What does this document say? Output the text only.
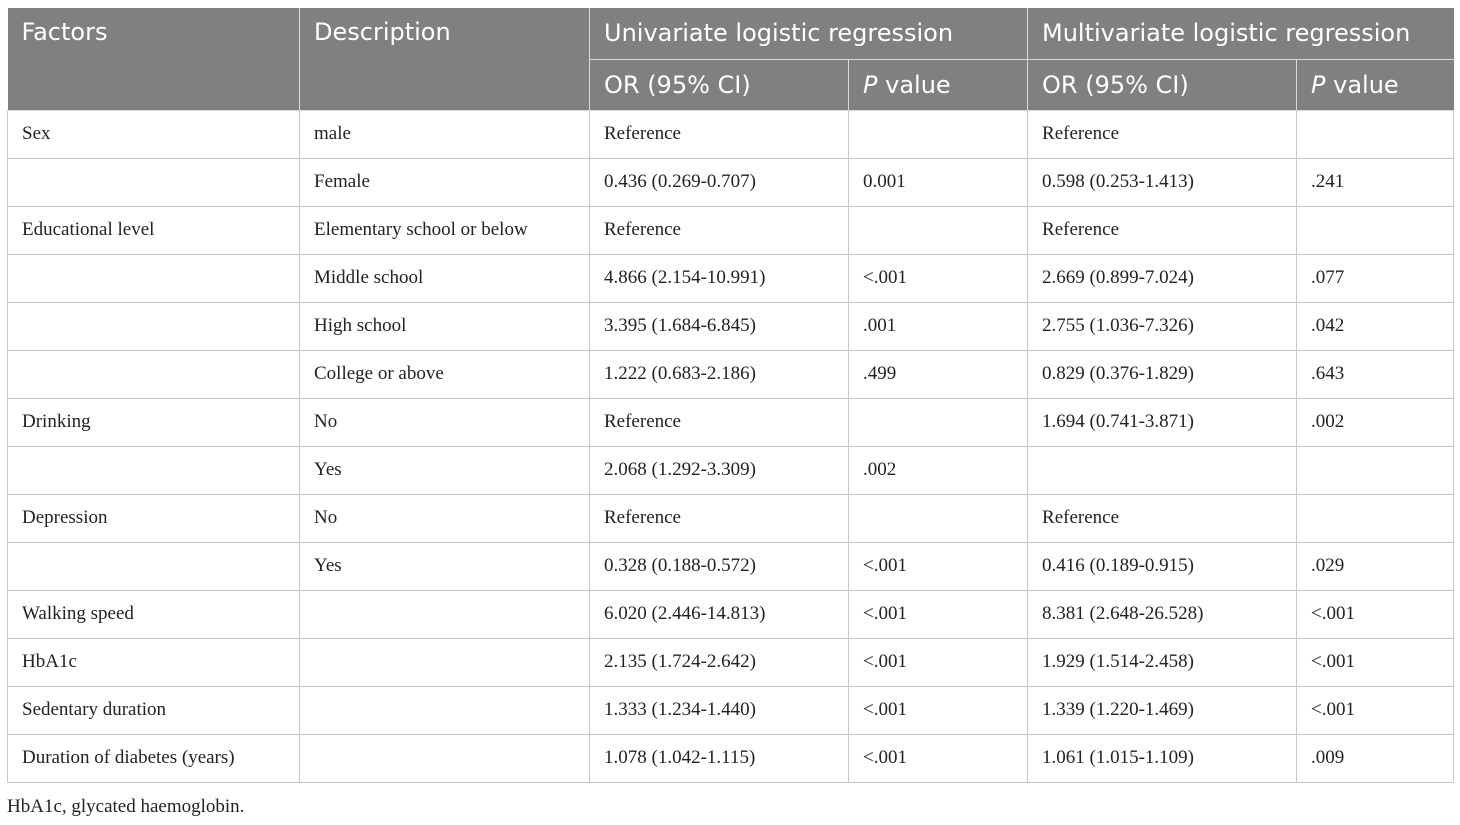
Factors	Description	Univariate logistic regression		Multivariate logistic regression	
		OR (95% CI)	P value	OR (95% CI)	P value
Sex	male	Reference		Reference	
	Female	0.436 (0.269-0.707)	0.001	0.598 (0.253-1.413)	.241
Educational level	Elementary school or below	Reference		Reference	
	Middle school	4.866 (2.154-10.991)	<.001	2.669 (0.899-7.024)	.077
	High school	3.395 (1.684-6.845)	.001	2.755 (1.036-7.326)	.042
	College or above	1.222 (0.683-2.186)	.499	0.829 (0.376-1.829)	.643
Drinking	No	Reference		1.694 (0.741-3.871)	.002
	Yes	2.068 (1.292-3.309)	.002		
Depression	No	Reference		Reference	
	Yes	0.328 (0.188-0.572)	<.001	0.416 (0.189-0.915)	.029
Walking speed		6.020 (2.446-14.813)	<.001	8.381 (2.648-26.528)	<.001
HbA1c		2.135 (1.724-2.642)	<.001	1.929 (1.514-2.458)	<.001
Sedentary duration		1.333 (1.234-1.440)	<.001	1.339 (1.220-1.469)	<.001
Duration of diabetes (years)		1.078 (1.042-1.115)	<.001	1.061 (1.015-1.109)	.009
HbA1c, glycated haemoglobin.
